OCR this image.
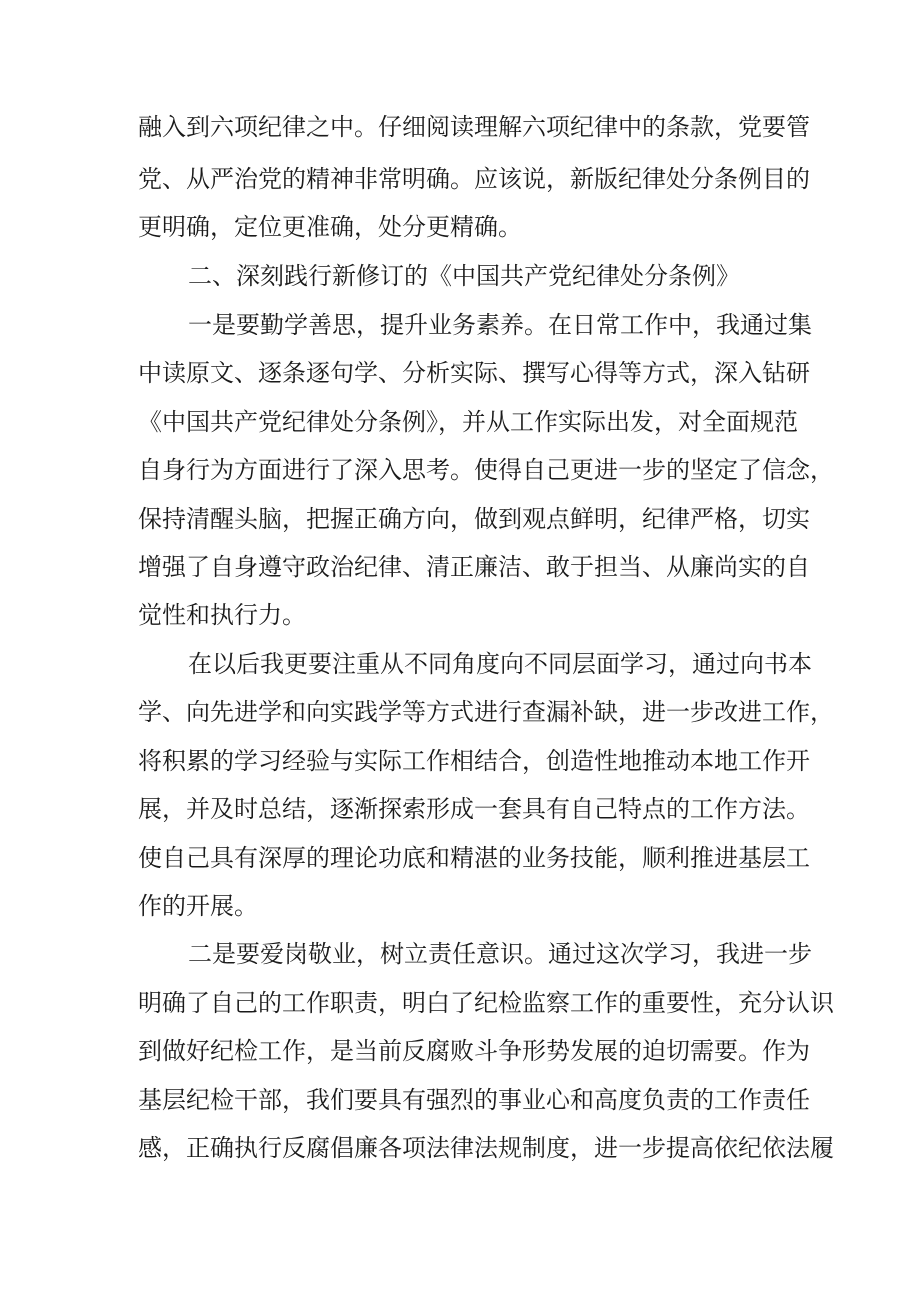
融入到六项纪律之中。仔细阅读理解六项纪律中的条款，党要管
党、从严治党的精神非常明确。应该说，新版纪律处分条例目的
更明确，定位更准确，处分更精确。
二、深刻践行新修订的《中国共产党纪律处分条例》
一是要勤学善思，提升业务素养。在日常工作中，我通过集
中读原文、逐条逐句学、分析实际、撰写心得等方式，深入钻研
《中国共产党纪律处分条例》，并从工作实际出发，对全面规范
自身行为方面进行了深入思考。使得自己更进一步的坚定了信念，
保持清醒头脑，把握正确方向，做到观点鲜明，纪律严格，切实
增强了自身遵守政治纪律、清正廉洁、敢于担当、从廉尚实的自
觉性和执行力。
在以后我更要注重从不同角度向不同层面学习，通过向书本
学、向先进学和向实践学等方式进行查漏补缺，进一步改进工作，
将积累的学习经验与实际工作相结合，创造性地推动本地工作开
展，并及时总结，逐渐探索形成一套具有自己特点的工作方法。
使自己具有深厚的理论功底和精湛的业务技能，顺利推进基层工
作的开展。
二是要爱岗敬业，树立责任意识。通过这次学习，我进一步
明确了自己的工作职责，明白了纪检监察工作的重要性，充分认识
到做好纪检工作，是当前反腐败斗争形势发展的迫切需要。作为
基层纪检干部，我们要具有强烈的事业心和高度负责的工作责任
感，正确执行反腐倡廉各项法律法规制度，进一步提高依纪依法履
